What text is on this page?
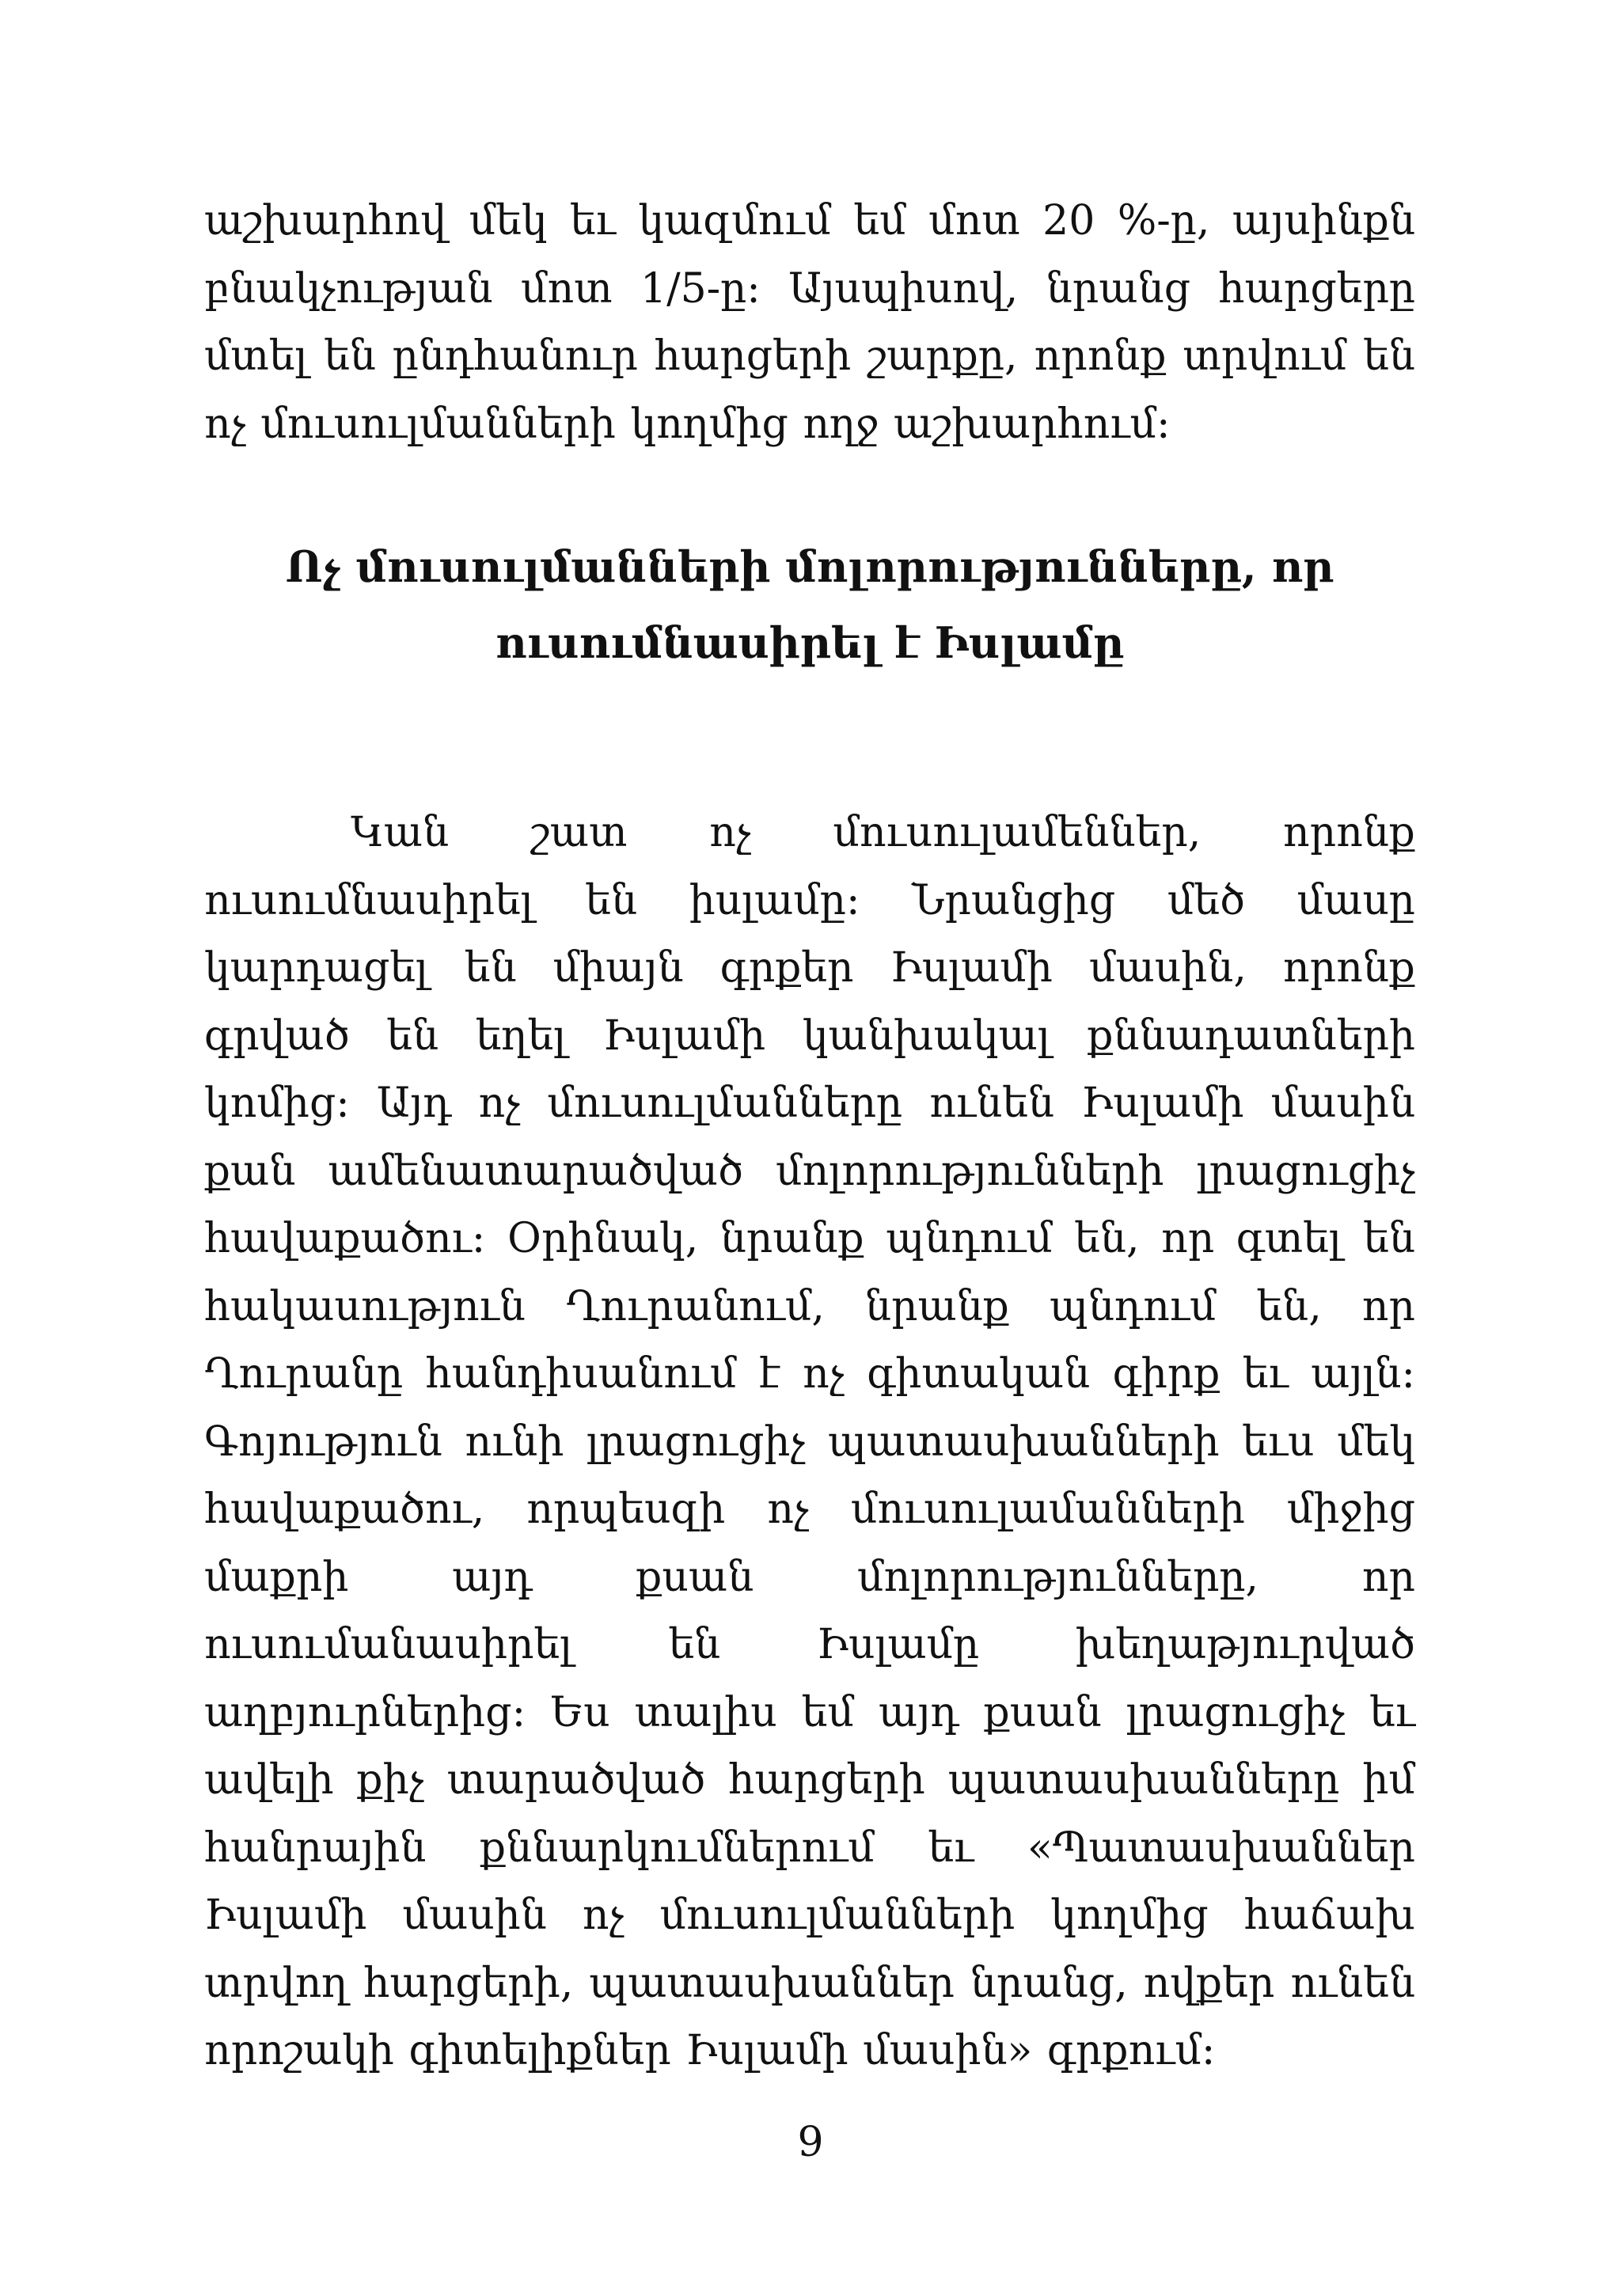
աշխարհով մեկ եւ կազմում եմ մոտ 20 %-ը, այսինքն բնակչության մոտ 1/5-ը: Այսպիսով, նրանց հարցերը մտել են ընդհանուր հարցերի շարքը, որոնք տրվում են ոչ մուսուլմանների կողմից ողջ աշխարհում:

Ոչ մուսուլմանների մոլորությունները, որ
ուսումնասիրել է Իսլամը

Կան շատ ոչ մուսուլամեններ, որոնք ուսումնասիրել են իսլամը: Նրանցից մեծ մասը կարդացել են միայն գրքեր Իսլամի մասին, որոնք գրված են եղել Իսլամի կանխակալ քննադատների կոմից: Այդ ոչ մուսուլմանները ունեն Իսլամի մասին քան ամենատարածված մոլորությունների լրացուցիչ հավաքածու: Օրինակ, նրանք պնդում են, որ գտել են հակասություն Ղուրանում, նրանք պնդում են, որ Ղուրանը հանդիսանում է ոչ գիտական գիրք եւ այլն: Գոյություն ունի լրացուցիչ պատասխանների եւս մեկ հավաքածու, որպեսզի ոչ մուսուլամանների միջից մաքրի այդ քսան մոլորությունները, որ ուսումանասիրել են Իսլամը խեղաթյուրված աղբյուրներից: Ես տալիս եմ այդ քսան լրացուցիչ եւ ավելի քիչ տարածված հարցերի պատասխանները իմ հանրային քննարկումներում եւ «Պատասխաններ Իսլամի մասին ոչ մուսուլմանների կողմից հաճախ տրվող հարցերի, պատասխաններ նրանց, ովքեր ունեն որոշակի գիտելիքներ Իսլամի մասին» գրքում:

9
